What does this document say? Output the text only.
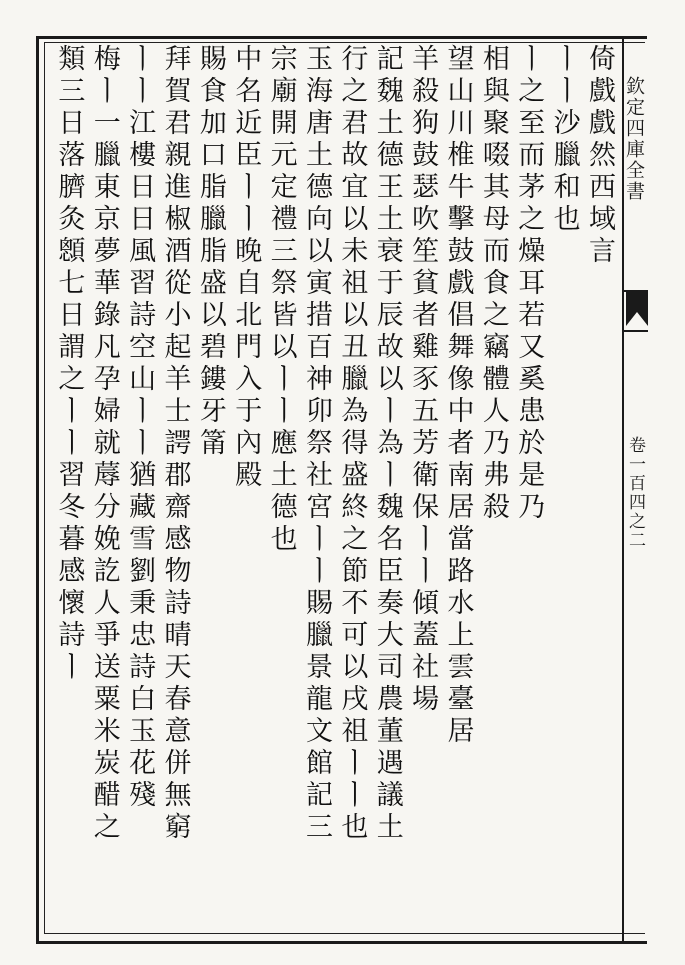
欽定四庫全書
卷一百四之二
倚戲戲然西域言
ㅣㅣ沙臘和也
ㅣ之至而茅之燥耳若又奚患於是乃
相與聚啜其母而食之竊體人乃弗殺
望山川椎牛擊鼓戲倡舞像中者南居當路水上雲臺居
羊殺狗鼓瑟吹笙貧者雞豕五芳衛保ㅣㅣ傾蓋社場
記魏土德王土衰于辰故以ㅣ為ㅣ魏名臣奏大司農董遇議土
行之君故宜以未祖以丑臘為得盛終之節不可以戌祖ㅣㅣ也
玉海唐土德向以寅措百神卯祭社宮ㅣㅣ賜臘景龍文館記三
宗廟開元定禮三祭皆以ㅣㅣ應土德也
中名近臣ㅣㅣ晚自北門入于內殿
賜食加口脂臘脂盛以碧鏤牙筩
拜賀君親進椒酒從小起羊士諤郡齋感物詩晴天春意併無窮
ㅣㅣ江樓日日風習詩空山ㅣㅣ猶藏雪劉秉忠詩白玉花殘
梅ㅣ一臘東京夢華錄凡孕婦就蓐分娩訖人爭送粟米炭醋之
類三日落臍灸顖七日謂之ㅣㅣ習冬暮感懷詩ㅣ
